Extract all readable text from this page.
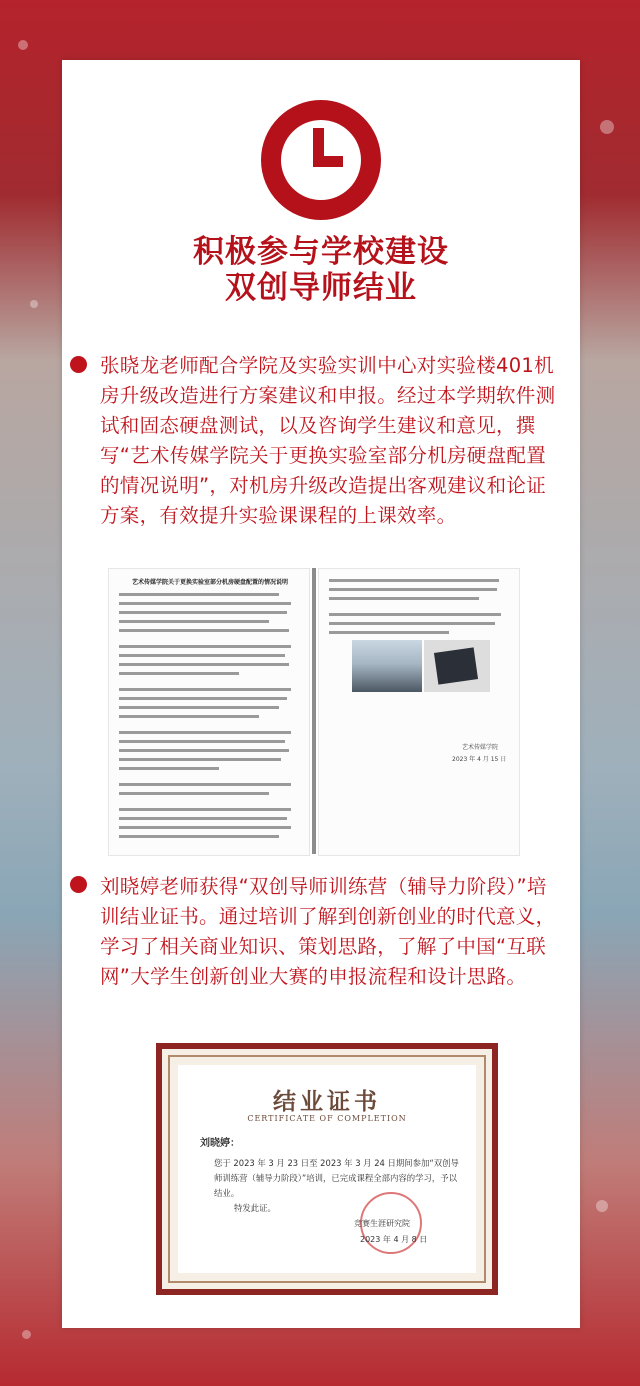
积极参与学校建设
双创导师结业
张晓龙老师配合学院及实验实训中心对实验楼401机房升级改造进行方案建议和申报。经过本学期软件测试和固态硬盘测试，以及咨询学生建议和意见，撰写“艺术传媒学院关于更换实验室部分机房硬盘配置的情况说明”，对机房升级改造提出客观建议和论证方案，有效提升实验课课程的上课效率。
艺术传媒学院关于更换实验室部分机房硬盘配置的情况说明
艺术传媒学院
2023 年 4 月 15 日
刘晓婷老师获得“双创导师训练营（辅导力阶段）”培训结业证书。通过培训了解到创新创业的时代意义，学习了相关商业知识、策划思路，了解了中国“互联网”大学生创新创业大赛的申报流程和设计思路。
结业证书
CERTIFICATE OF COMPLETION
刘晓婷：
您于 2023 年 3 月 23 日至 2023 年 3 月 24 日期间参加“双创导师训练营（辅导力阶段）”培训，已完成课程全部内容的学习，予以结业。
特发此证。
竞赛生涯研究院
2023 年 4 月 8 日
